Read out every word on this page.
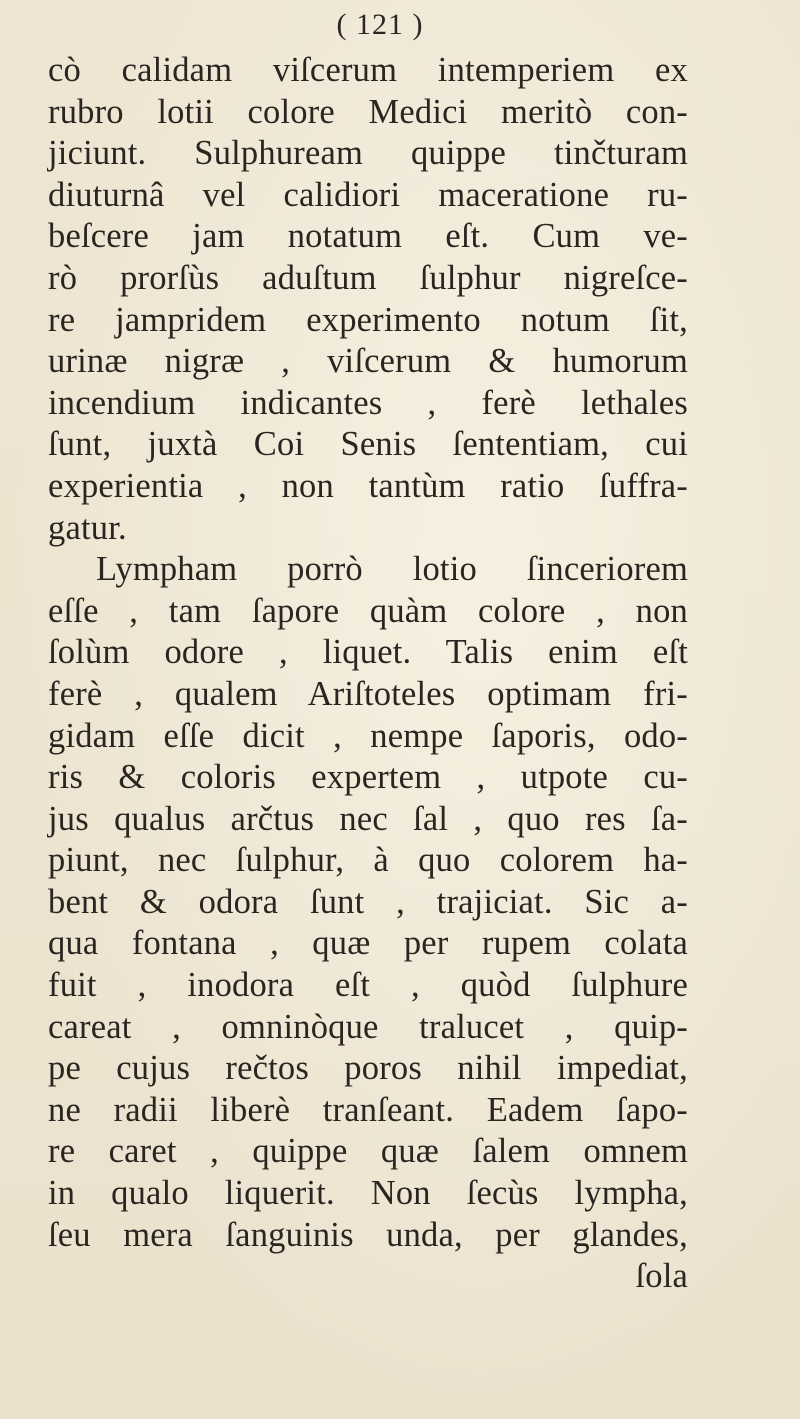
( 121 )
cò calidam viſcerum intemperiem ex
rubro lotii colore Medici meritò con-
jiciunt. Sulphuream quippe tinčturam
diuturnâ vel calidiori maceratione ru-
beſcere jam notatum eſt. Cum ve-
rò prorſùs aduſtum ſulphur nigreſce-
re jampridem experimento notum ſit,
urinæ nigræ , viſcerum & humorum
incendium indicantes , ferè lethales
ſunt, juxtà Coi Senis ſententiam, cui
experientia , non tantùm ratio ſuffra-
gatur.
Lympham porrò lotio ſinceriorem
eſſe , tam ſapore quàm colore , non
ſolùm odore , liquet. Talis enim eſt
ferè , qualem Ariſtoteles optimam fri-
gidam eſſe dicit , nempe ſaporis, odo-
ris & coloris expertem , utpote cu-
jus qualus arčtus nec ſal , quo res ſa-
piunt, nec ſulphur, à quo colorem ha-
bent & odora ſunt , trajiciat. Sic a-
qua fontana , quæ per rupem colata
fuit , inodora eſt , quòd ſulphure
careat , omninòque tralucet , quip-
pe cujus rečtos poros nihil impediat,
ne radii liberè tranſeant. Eadem ſapo-
re caret , quippe quæ ſalem omnem
in qualo liquerit. Non ſecùs lympha,
ſeu mera ſanguinis unda, per glandes,
ſola
